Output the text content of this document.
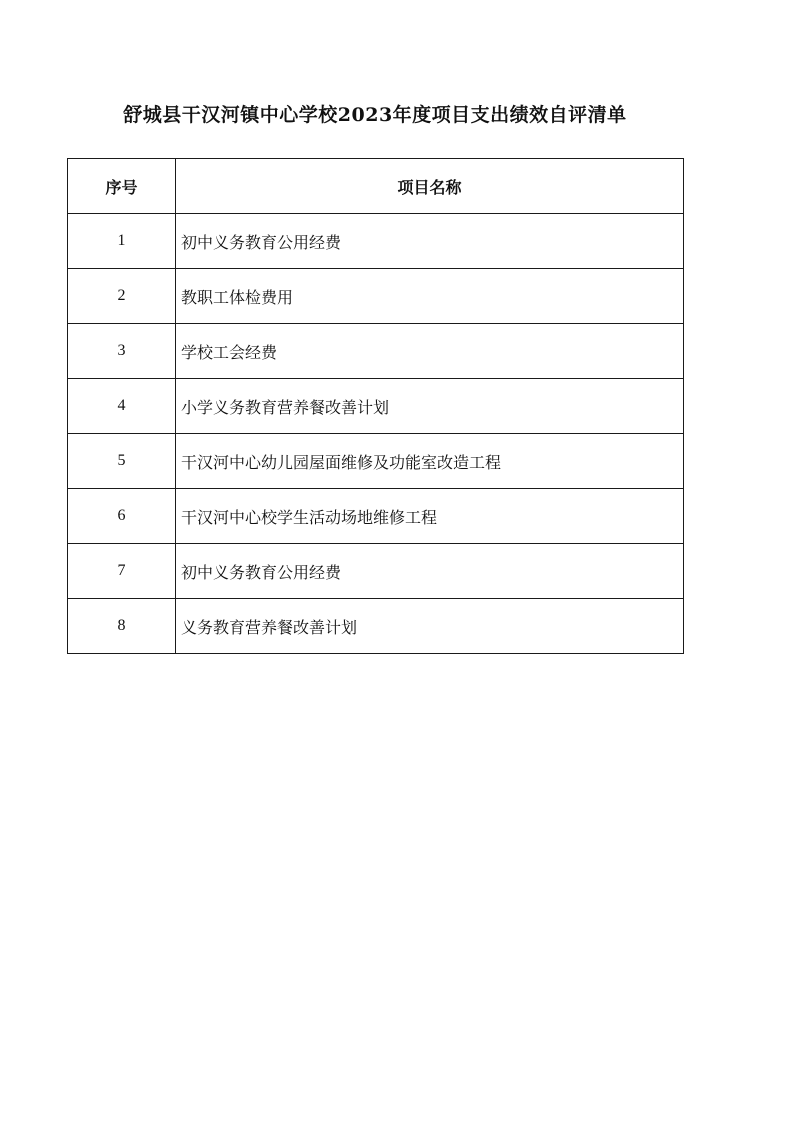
舒城县干汉河镇中心学校2023年度项目支出绩效自评清单
序号	项目名称
1	初中义务教育公用经费
2	教职工体检费用
3	学校工会经费
4	小学义务教育营养餐改善计划
5	干汉河中心幼儿园屋面维修及功能室改造工程
6	干汉河中心校学生活动场地维修工程
7	初中义务教育公用经费
8	义务教育营养餐改善计划
